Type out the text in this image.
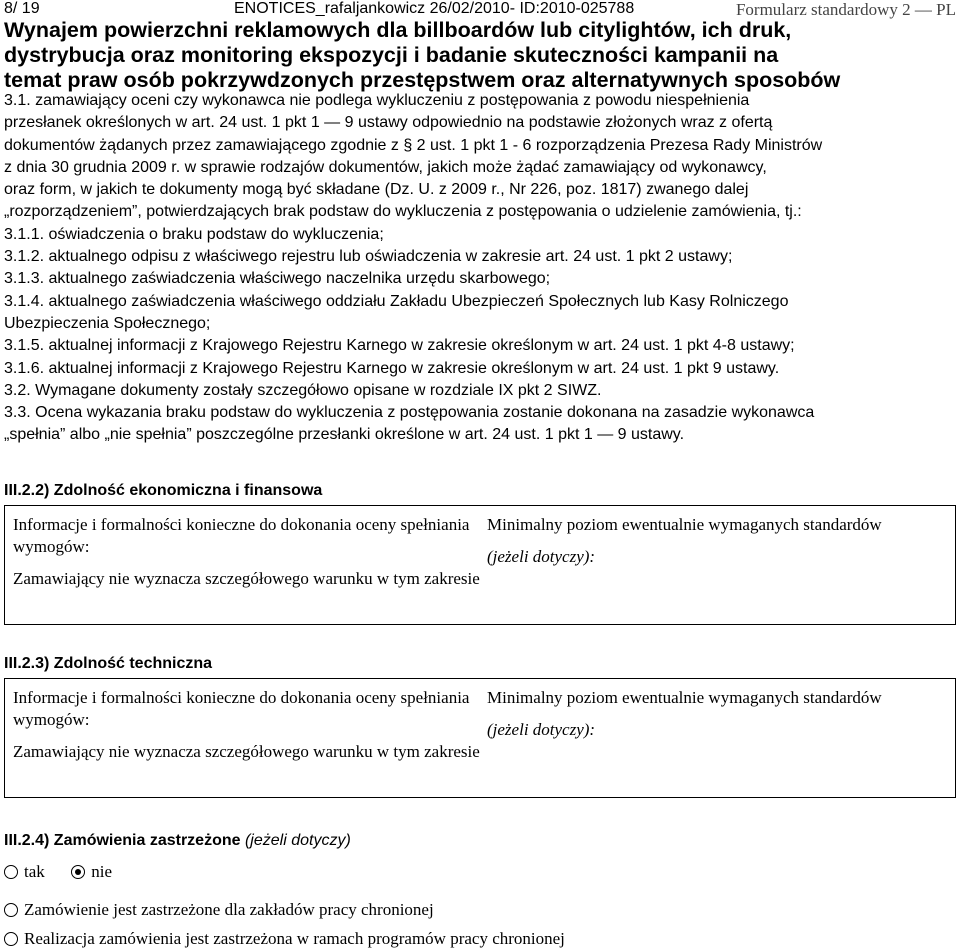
8/ 19	ENOTICES_rafaljankowicz 26/02/2010- ID:2010-025788	Formularz standardowy 2 — PL
Wynajem powierzchni reklamowych dla billboardów lub citylightów, ich druk,
dystrybucja oraz monitoring ekspozycji i badanie skuteczności kampanii na
temat praw osób pokrzywdzonych przestępstwem oraz alternatywnych sposobów

3.1. zamawiający oceni czy wykonawca nie podlega wykluczeniu z postępowania z powodu niespełnienia

przesłanek określonych w art. 24 ust. 1 pkt 1 — 9 ustawy odpowiednio na podstawie złożonych wraz z ofertą

dokumentów żądanych przez zamawiającego zgodnie z § 2 ust. 1 pkt 1 - 6 rozporządzenia Prezesa Rady Ministrów

z dnia 30 grudnia 2009 r. w sprawie rodzajów dokumentów, jakich może żądać zamawiający od wykonawcy,

oraz form, w jakich te dokumenty mogą być składane (Dz. U. z 2009 r., Nr 226, poz. 1817) zwanego dalej

„rozporządzeniem”, potwierdzających brak podstaw do wykluczenia z postępowania o udzielenie zamówienia, tj.:

3.1.1. oświadczenia o braku podstaw do wykluczenia;

3.1.2. aktualnego odpisu z właściwego rejestru lub oświadczenia w zakresie art. 24 ust. 1 pkt 2 ustawy;

3.1.3. aktualnego zaświadczenia właściwego naczelnika urzędu skarbowego;

3.1.4. aktualnego zaświadczenia właściwego oddziału Zakładu Ubezpieczeń Społecznych lub Kasy Rolniczego

Ubezpieczenia Społecznego;

3.1.5. aktualnej informacji z Krajowego Rejestru Karnego w zakresie określonym w art. 24 ust. 1 pkt 4-8 ustawy;

3.1.6. aktualnej informacji z Krajowego Rejestru Karnego w zakresie określonym w art. 24 ust. 1 pkt 9 ustawy.

3.2. Wymagane dokumenty zostały szczegółowo opisane w rozdziale IX pkt 2 SIWZ.

3.3. Ocena wykazania braku podstaw do wykluczenia z postępowania zostanie dokonana na zasadzie wykonawca

„spełnia” albo „nie spełnia” poszczególne przesłanki określone w art. 24 ust. 1 pkt 1 — 9 ustawy.

III.2.2) Zdolność ekonomiczna i finansowa
Informacje i formalności konieczne do dokonania oceny spełniania wymogów:
Zamawiający nie wyznacza szczegółowego warunku w tym zakresie
Minimalny poziom ewentualnie wymaganych standardów
(jeżeli dotyczy):
III.2.3) Zdolność techniczna
Informacje i formalności konieczne do dokonania oceny spełniania wymogów:
Zamawiający nie wyznacza szczegółowego warunku w tym zakresie
Minimalny poziom ewentualnie wymaganych standardów
(jeżeli dotyczy):
III.2.4) Zamówienia zastrzeżone (jeżeli dotyczy)
tak	nie
Zamówienie jest zastrzeżone dla zakładów pracy chronionej
Realizacja zamówienia jest zastrzeżona w ramach programów pracy chronionej
